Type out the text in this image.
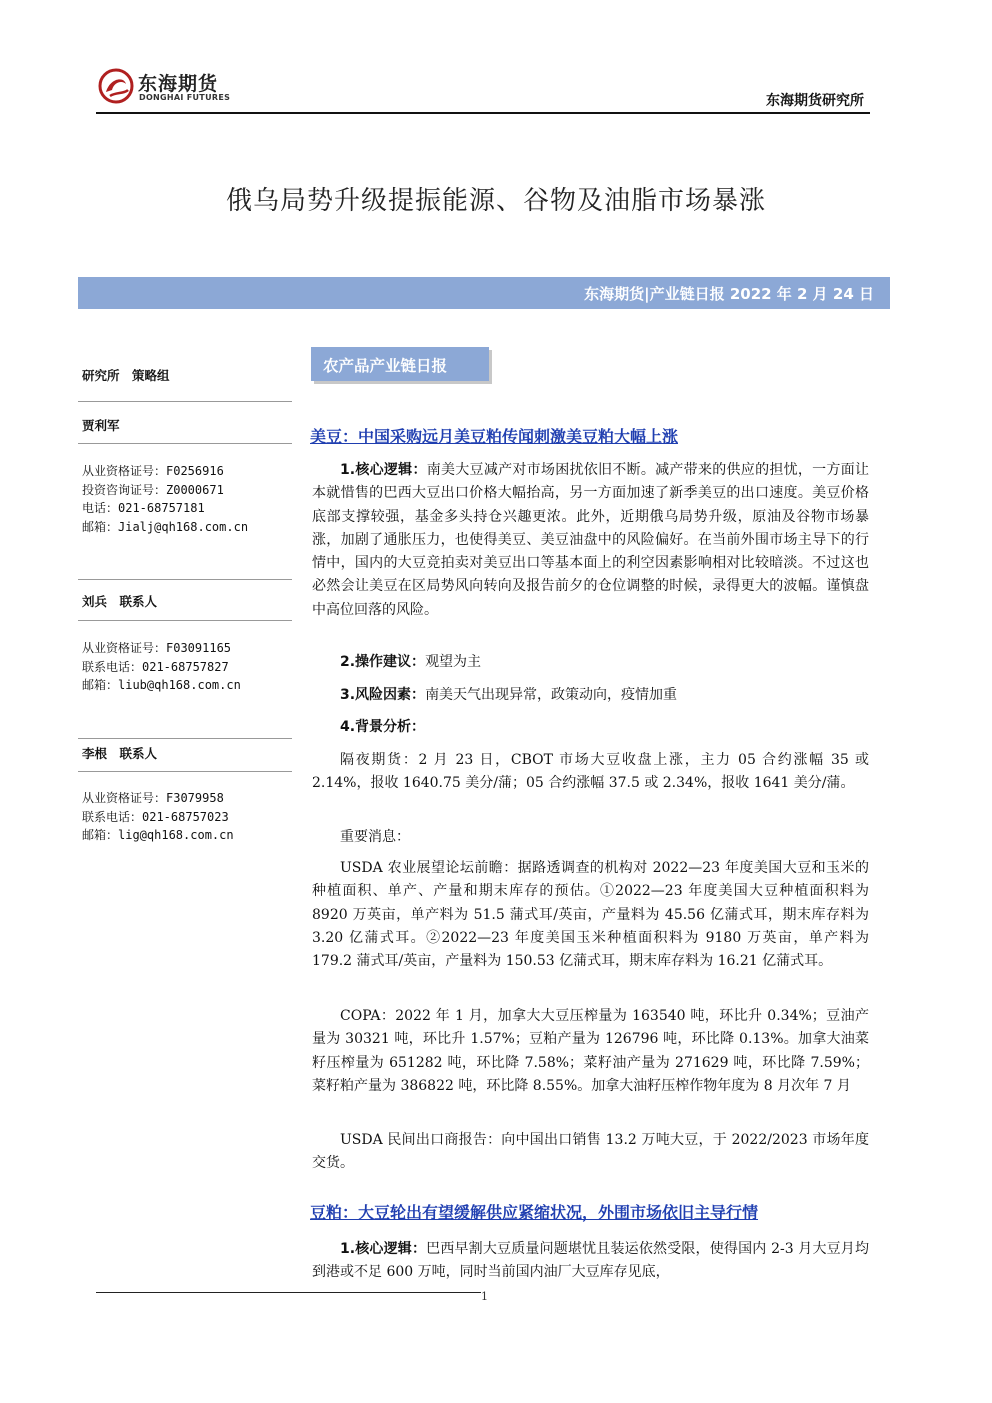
东海期货
DONGHAI FUTURES	东海期货研究所
俄乌局势升级提振能源、谷物及油脂市场暴涨
东海期货|产业链日报 2022 年 2 月 24 日
研究所　策略组
贾利军
从业资格证号：F0256916
投资咨询证号：Z0000671
电话：021-68757181
邮箱：Jialj@qh168.com.cn
刘兵　联系人
从业资格证号：F03091165
联系电话：021-68757827
邮箱：liub@qh168.com.cn
李根　联系人
从业资格证号：F3079958
联系电话：021-68757023
邮箱：lig@qh168.com.cn
农产品产业链日报
美豆：中国采购远月美豆粕传闻刺激美豆粕大幅上涨
1.核心逻辑：南美大豆减产对市场困扰依旧不断。减产带来的供应的担忧，一方面让本就惜售的巴西大豆出口价格大幅抬高，另一方面加速了新季美豆的出口速度。美豆价格底部支撑较强，基金多头持仓兴趣更浓。此外，近期俄乌局势升级，原油及谷物市场暴涨，加剧了通胀压力，也使得美豆、美豆油盘中的风险偏好。在当前外围市场主导下的行情中，国内的大豆竞拍卖对美豆出口等基本面上的利空因素影响相对比较暗淡。不过这也必然会让美豆在区局势风向转向及报告前夕的仓位调整的时候，录得更大的波幅。谨慎盘中高位回落的风险。
2.操作建议：观望为主
3.风险因素：南美天气出现异常，政策动向，疫情加重
4.背景分析：
隔夜期货：2 月 23 日，CBOT 市场大豆收盘上涨，主力 05 合约涨幅 35 或 2.14%，报收 1640.75 美分/蒲；05 合约涨幅 37.5 或 2.34%，报收 1641 美分/蒲。
重要消息：
USDA 农业展望论坛前瞻：据路透调查的机构对 2022—23 年度美国大豆和玉米的种植面积、单产、产量和期末库存的预估。①2022—23 年度美国大豆种植面积料为 8920 万英亩，单产料为 51.5 蒲式耳/英亩，产量料为 45.56 亿蒲式耳，期末库存料为 3.20 亿蒲式耳。②2022—23 年度美国玉米种植面积料为 9180 万英亩，单产料为 179.2 蒲式耳/英亩，产量料为 150.53 亿蒲式耳，期末库存料为 16.21 亿蒲式耳。
COPA：2022 年 1 月，加拿大大豆压榨量为 163540 吨，环比升 0.34%；豆油产量为 30321 吨，环比升 1.57%；豆粕产量为 126796 吨，环比降 0.13%。加拿大油菜籽压榨量为 651282 吨，环比降 7.58%；菜籽油产量为 271629 吨，环比降 7.59%；菜籽粕产量为 386822 吨，环比降 8.55%。加拿大油籽压榨作物年度为 8 月次年 7 月
USDA 民间出口商报告：向中国出口销售 13.2 万吨大豆，于 2022/2023 市场年度交货。
豆粕：大豆轮出有望缓解供应紧缩状况，外围市场依旧主导行情
1.核心逻辑：巴西早割大豆质量问题堪忧且装运依然受限，使得国内 2-3 月大豆月均到港或不足 600 万吨，同时当前国内油厂大豆库存见底，
1
